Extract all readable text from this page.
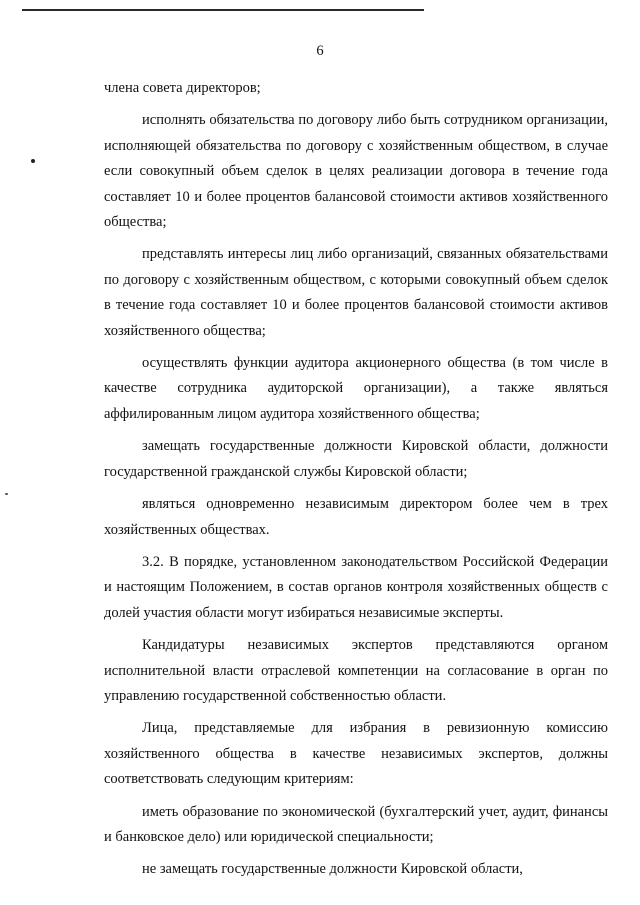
6

члена совета директоров;

исполнять обязательства по договору либо быть сотрудником организации, исполняющей обязательства по договору с хозяйственным обществом, в случае если совокупный объем сделок в целях реализации договора в течение года составляет 10 и более процентов балансовой стоимости активов хозяйственного общества;

представлять интересы лиц либо организаций, связанных обязательствами по договору с хозяйственным обществом, с которыми совокупный объем сделок в течение года составляет 10 и более процентов балансовой стоимости активов хозяйственного общества;

осуществлять функции аудитора акционерного общества (в том числе в качестве сотрудника аудиторской организации), а также являться аффилированным лицом аудитора хозяйственного общества;

замещать государственные должности Кировской области, должности государственной гражданской службы Кировской области;

являться одновременно независимым директором более чем в трех хозяйственных обществах.

3.2. В порядке, установленном законодательством Российской Федерации и настоящим Положением, в состав органов контроля хозяйственных обществ с долей участия области могут избираться независимые эксперты.

Кандидатуры независимых экспертов представляются органом исполнительной власти отраслевой компетенции на согласование в орган по управлению государственной собственностью области.

Лица, представляемые для избрания в ревизионную комиссию хозяйственного общества в качестве независимых экспертов, должны соответствовать следующим критериям:

иметь образование по экономической (бухгалтерский учет, аудит, финансы и банковское дело) или юридической специальности;

не замещать государственные должности Кировской области,
